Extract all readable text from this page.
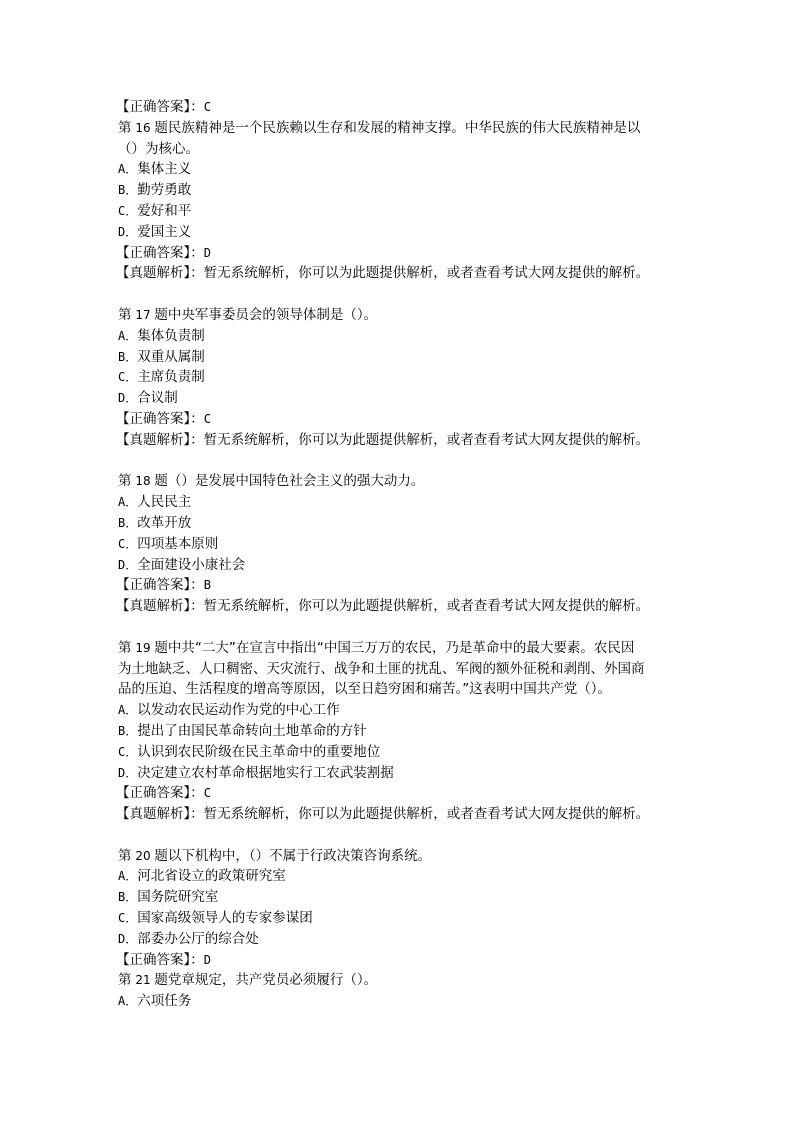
【正确答案】：C
第 16 题民族精神是一个民族赖以生存和发展的精神支撑。中华民族的伟大民族精神是以
（）为核心。
A．集体主义
B．勤劳勇敢
C．爱好和平
D．爱国主义
【正确答案】：D
【真题解析】：暂无系统解析，你可以为此题提供解析，或者查看考试大网友提供的解析。
第 17 题中央军事委员会的领导体制是（）。
A．集体负责制
B．双重从属制
C．主席负责制
D．合议制
【正确答案】：C
【真题解析】：暂无系统解析，你可以为此题提供解析，或者查看考试大网友提供的解析。
第 18 题（）是发展中国特色社会主义的强大动力。
A．人民民主
B．改革开放
C．四项基本原则
D．全面建设小康社会
【正确答案】：B
【真题解析】：暂无系统解析，你可以为此题提供解析，或者查看考试大网友提供的解析。
第 19 题中共“二大”在宣言中指出“中国三万万的农民，乃是革命中的最大要素。农民因
为土地缺乏、人口稠密、天灾流行、战争和土匪的扰乱、军阀的额外征税和剥削、外国商
品的压迫、生活程度的增高等原因，以至日趋穷困和痛苦。”这表明中国共产党（）。
A．以发动农民运动作为党的中心工作
B．提出了由国民革命转向土地革命的方针
C．认识到农民阶级在民主革命中的重要地位
D．决定建立农村革命根据地实行工农武装割据
【正确答案】：C
【真题解析】：暂无系统解析，你可以为此题提供解析，或者查看考试大网友提供的解析。
第 20 题以下机构中，（）不属于行政决策咨询系统。
A．河北省设立的政策研究室
B．国务院研究室
C．国家高级领导人的专家参谋团
D．部委办公厅的综合处
【正确答案】：D
第 21 题党章规定，共产党员必须履行（）。
A．六项任务
